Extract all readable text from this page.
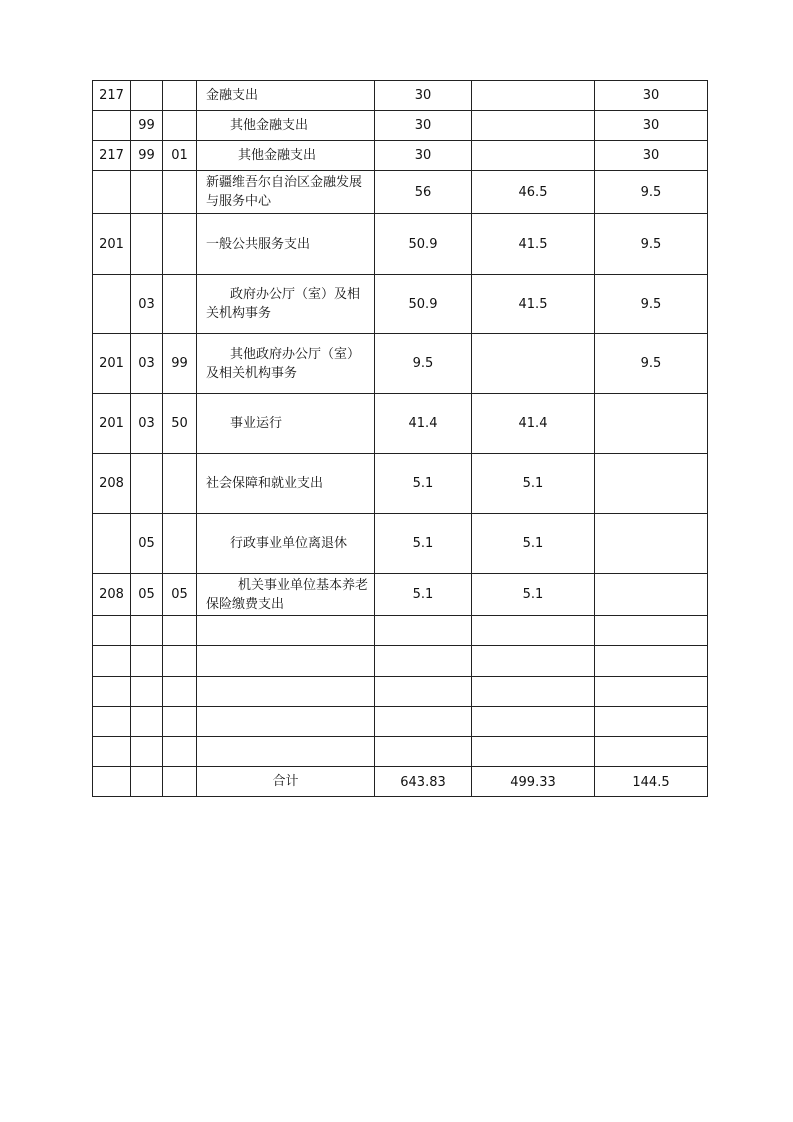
217			金融支出	30		30
	99		其他金融支出	30		30
217	99	01	其他金融支出	30		30

			新疆维吾尔自治区金融发展与服务中心	56	46.5	9.5
201			一般公共服务支出	50.9	41.5	9.5
	03		政府办公厅（室）及相关机构事务	50.9	41.5	9.5
201	03	99	其他政府办公厅（室）及相关机构事务	9.5		9.5
201	03	50	事业运行	41.4	41.4	
208			社会保障和就业支出	5.1	5.1	
	05		行政事业单位离退休	5.1	5.1	
208	05	05	机关事业单位基本养老保险缴费支出	5.1	5.1	

			合计	643.83	499.33	144.5
